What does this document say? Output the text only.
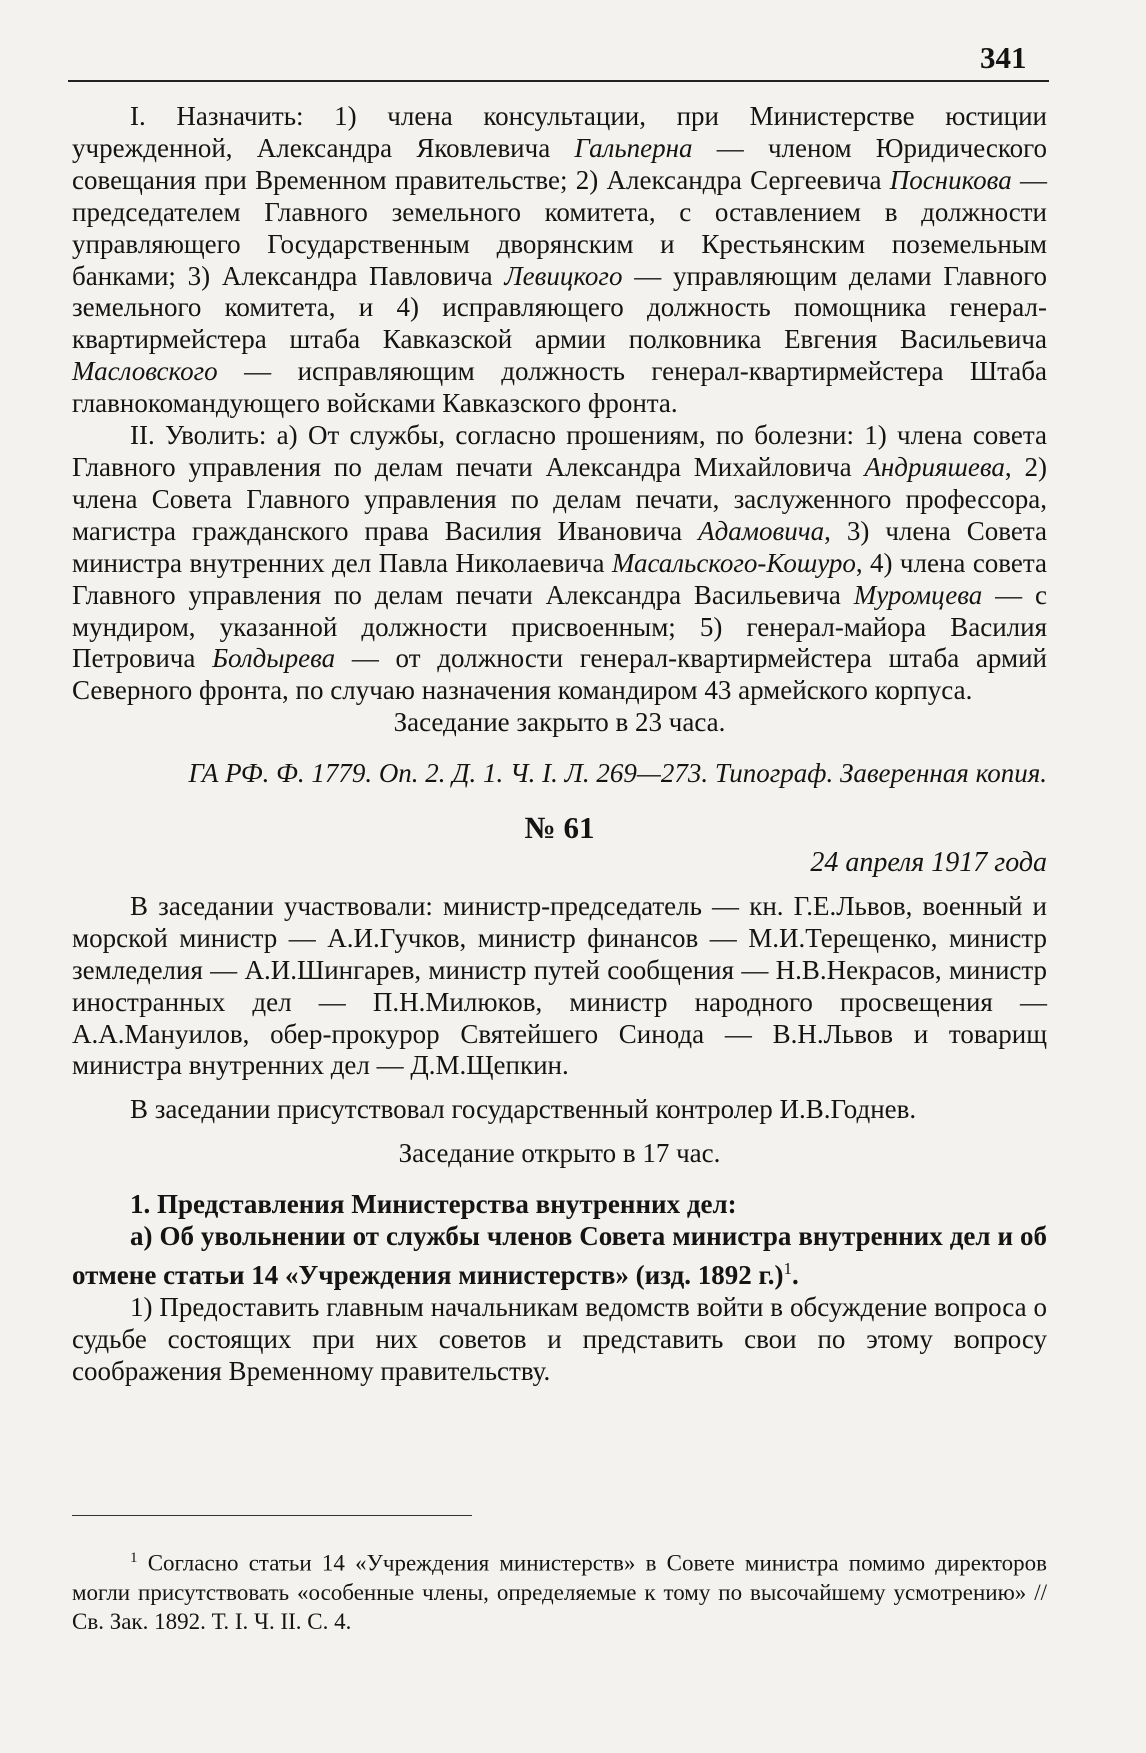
341

I. Назначить: 1) члена консультации, при Министерстве юстиции учрежденной, Александра Яковлевича Гальперна — членом Юридического совещания при Временном правительстве; 2) Александра Сергеевича Посникова — председателем Главного земельного комитета, с оставлением в должности управляющего Государственным дворянским и Крестьянским поземельным банками; 3) Александра Павловича Левицкого — управляющим делами Главного земельного комитета, и 4) исправляющего должность помощника генерал-квартирмейстера штаба Кавказской армии полковника Евгения Васильевича Масловского — исправляющим должность генерал-квартирмейстера Штаба главнокомандующего войсками Кавказского фронта.

II. Уволить: а) От службы, согласно прошениям, по болезни: 1) члена совета Главного управления по делам печати Александра Михайловича Андрияшева, 2) члена Совета Главного управления по делам печати, заслуженного профессора, магистра гражданского права Василия Ивановича Адамовича, 3) члена Совета министра внутренних дел Павла Николаевича Масальского-Кошуро, 4) члена совета Главного управления по делам печати Александра Васильевича Муромцева — с мундиром, указанной должности присвоенным; 5) генерал-майора Василия Петровича Болдырева — от должности генерал-квартирмейстера штаба армий Северного фронта, по случаю назначения командиром 43 армейского корпуса.

Заседание закрыто в 23 часа.

ГА РФ. Ф. 1779. Оп. 2. Д. 1. Ч. I. Л. 269—273. Типограф. Заверенная копия.

№ 61

24 апреля 1917 года

В заседании участвовали: министр-председатель — кн. Г.Е.Львов, военный и морской министр — А.И.Гучков, министр финансов — М.И.Терещенко, министр земледелия — А.И.Шингарев, министр путей сообщения — Н.В.Некрасов, министр иностранных дел — П.Н.Милюков, министр народного просвещения — А.А.Мануилов, обер-прокурор Святейшего Синода — В.Н.Львов и товарищ министра внутренних дел — Д.М.Щепкин.

В заседании присутствовал государственный контролер И.В.Годнев.

Заседание открыто в 17 час.

1. Представления Министерства внутренних дел:

а) Об увольнении от службы членов Совета министра внутренних дел и об отмене статьи 14 «Учреждения министерств» (изд. 1892 г.)$^1$.

1) Предоставить главным начальникам ведомств войти в обсуждение вопроса о судьбе состоящих при них советов и представить свои по этому вопросу соображения Временному правительству.

$^1$ Согласно статьи 14 «Учреждения министерств» в Совете министра помимо директоров могли присутствовать «особенные члены, определяемые к тому по высочайшему усмотрению» // Св. Зак. 1892. Т. I. Ч. II. С. 4.
